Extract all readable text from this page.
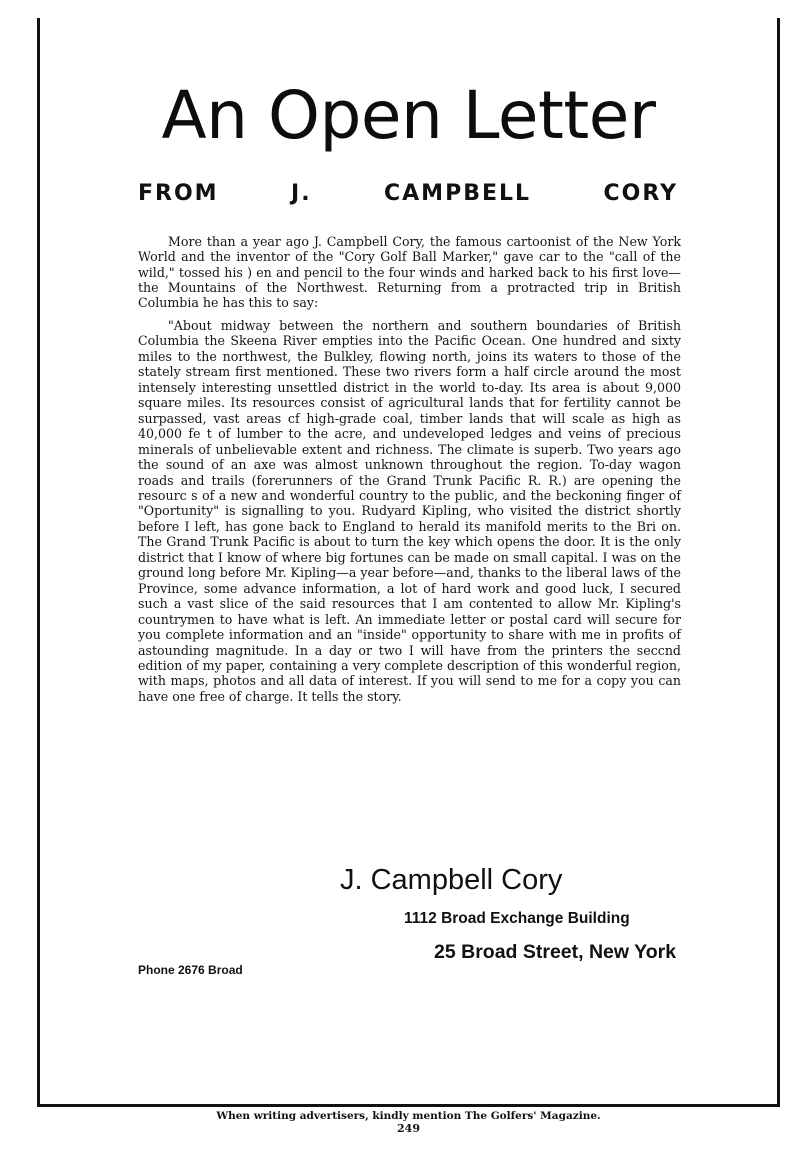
An Open Letter
FROM J. CAMPBELL CORY

More than a year ago J. Campbell Cory, the famous cartoonist of the New York World and the inventor of the "Cory Golf Ball Marker," gave car to the "call of the wild," tossed his ) en and pencil to the four winds and harked back to his first love—the Mountains of the Northwest. Returning from a protracted trip in British Columbia he has this to say:

"About midway between the northern and southern boundaries of British Columbia the Skeena River empties into the Pacific Ocean. One hundred and sixty miles to the northwest, the Bulkley, flowing north, joins its waters to those of the stately stream first mentioned. These two rivers form a half circle around the most intensely interesting unsettled district in the world to-day. Its area is about 9,000 square miles. Its resources consist of agricultural lands that for fertility cannot be surpassed, vast areas cf high-grade coal, timber lands that will scale as high as 40,000 fe t of lumber to the acre, and undeveloped ledges and veins of precious minerals of unbelievable extent and richness. The climate is superb. Two years ago the sound of an axe was almost unknown throughout the region. To-day wagon roads and trails (forerunners of the Grand Trunk Pacific R. R.) are opening the resourc s of a new and wonderful country to the public, and the beckoning finger of "Oportunity" is signalling to you. Rudyard Kipling, who visited the district shortly before I left, has gone back to England to herald its manifold merits to the Bri on. The Grand Trunk Pacific is about to turn the key which opens the door. It is the only district that I know of where big fortunes can be made on small capital. I was on the ground long before Mr. Kipling—a year before—and, thanks to the liberal laws of the Province, some advance information, a lot of hard work and good luck, I secured such a vast slice of the said resources that I am contented to allow Mr. Kipling's countrymen to have what is left. An immediate letter or postal card will secure for you complete information and an "inside" opportunity to share with me in profits of astounding magnitude. In a day or two I will have from the printers the seccnd edition of my paper, containing a very complete description of this wonderful region, with maps, photos and all data of interest. If you will send to me for a copy you can have one free of charge. It tells the story.

J. Campbell Cory
1112 Broad Exchange Building
25 Broad Street, New York
Phone 2676 Broad
When writing advertisers, kindly mention The Golfers' Magazine.
249
